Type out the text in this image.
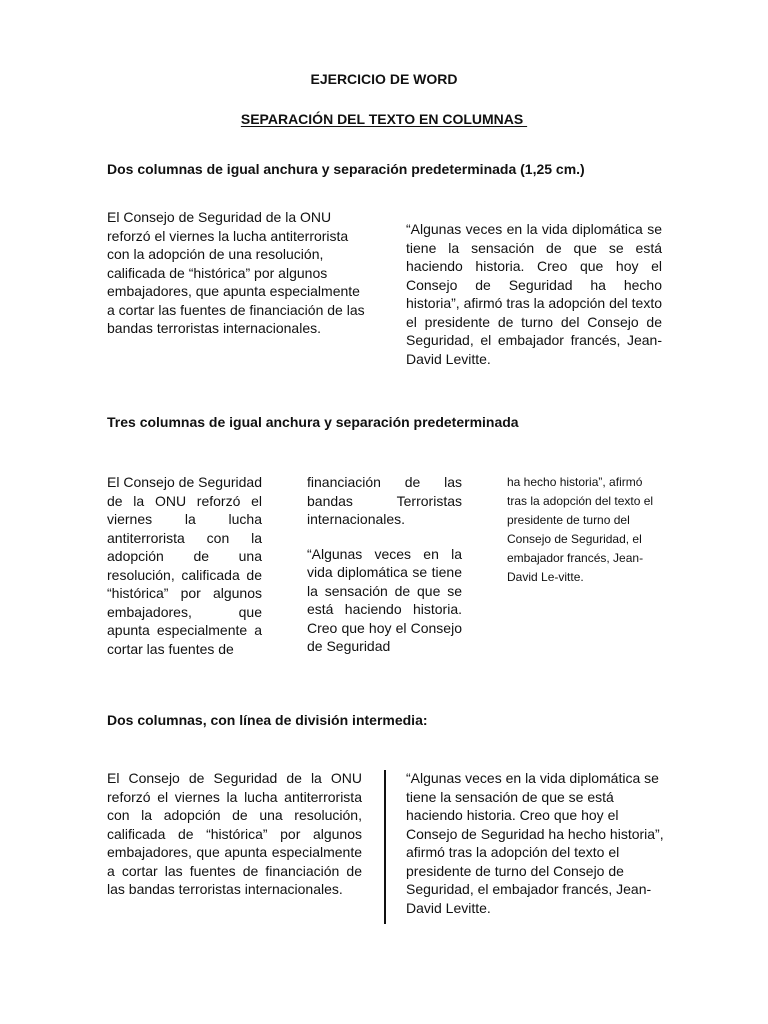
EJERCICIO DE WORD
SEPARACIÓN DEL TEXTO EN COLUMNAS
Dos columnas de igual anchura y separación predeterminada (1,25 cm.)

El Consejo de Seguridad de la ONU reforzó el viernes la lucha antiterrorista con la adopción de una resolución, calificada de “histórica” por algunos embajadores, que apunta especialmente a cortar las fuentes de financiación de las bandas terroristas internacionales.

“Algunas veces en la vida diplomática se tiene la sensación de que se está haciendo historia. Creo que hoy el Consejo de Seguridad ha hecho historia”, afirmó tras la adopción del texto el presidente de turno del Consejo de Seguridad, el embajador francés, Jean-David Levitte.

Tres columnas de igual anchura y separación predeterminada

El Consejo de Seguridad de la ONU reforzó el viernes la lucha antiterrorista con la adopción de una resolución, calificada de “histórica” por algunos embajadores, que apunta especialmente a cortar las fuentes de

financiación de las bandas Terroristas internacionales.

“Algunas veces en la vida diplomática se tiene la sensación de que se está haciendo historia. Creo que hoy el Consejo de Seguridad

ha hecho historia”, afirmó tras la adopción del texto el presidente de turno del Consejo de Seguridad, el embajador francés, Jean-David Le-vitte.

Dos columnas, con línea de división intermedia:

El Consejo de Seguridad de la ONU reforzó el viernes la lucha antiterrorista con la adopción de una resolución, calificada de “histórica” por algunos embajadores, que apunta especialmente a cortar las fuentes de financiación de las bandas terroristas internacionales.

“Algunas veces en la vida diplomática se tiene la sensación de que se está haciendo historia. Creo que hoy el Consejo de Seguridad ha hecho historia”, afirmó tras la adopción del texto el presidente de turno del Consejo de Seguridad, el embajador francés, Jean-David Levitte.
